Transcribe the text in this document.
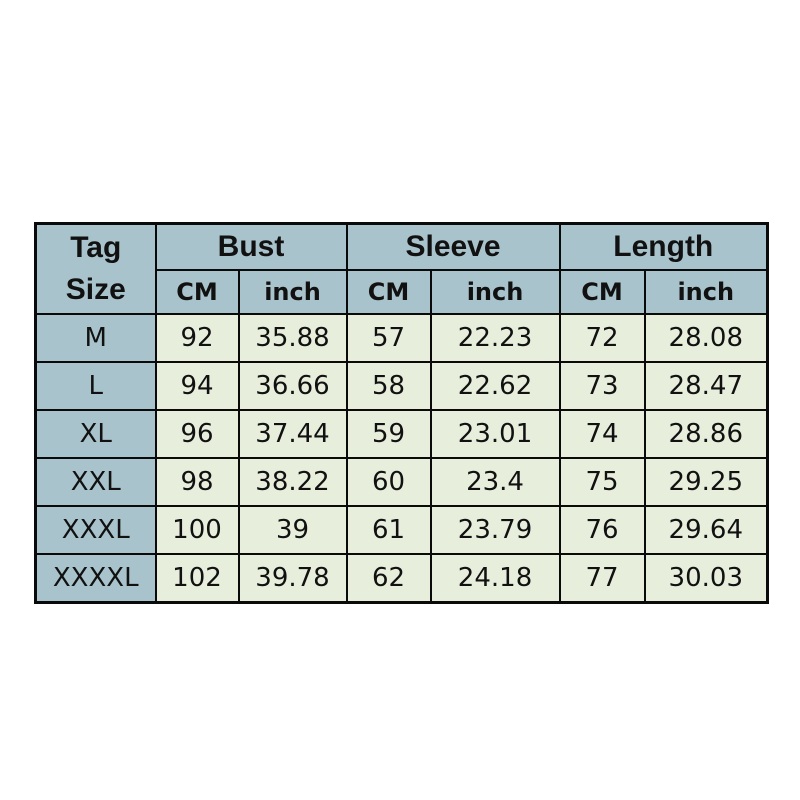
Tag
Size	Bust		Sleeve		Length	
	CM	inch	CM	inch	CM	inch
M	92	35.88	57	22.23	72	28.08
L	94	36.66	58	22.62	73	28.47
XL	96	37.44	59	23.01	74	28.86
XXL	98	38.22	60	23.4	75	29.25
XXXL	100	39	61	23.79	76	29.64
XXXXL	102	39.78	62	24.18	77	30.03
